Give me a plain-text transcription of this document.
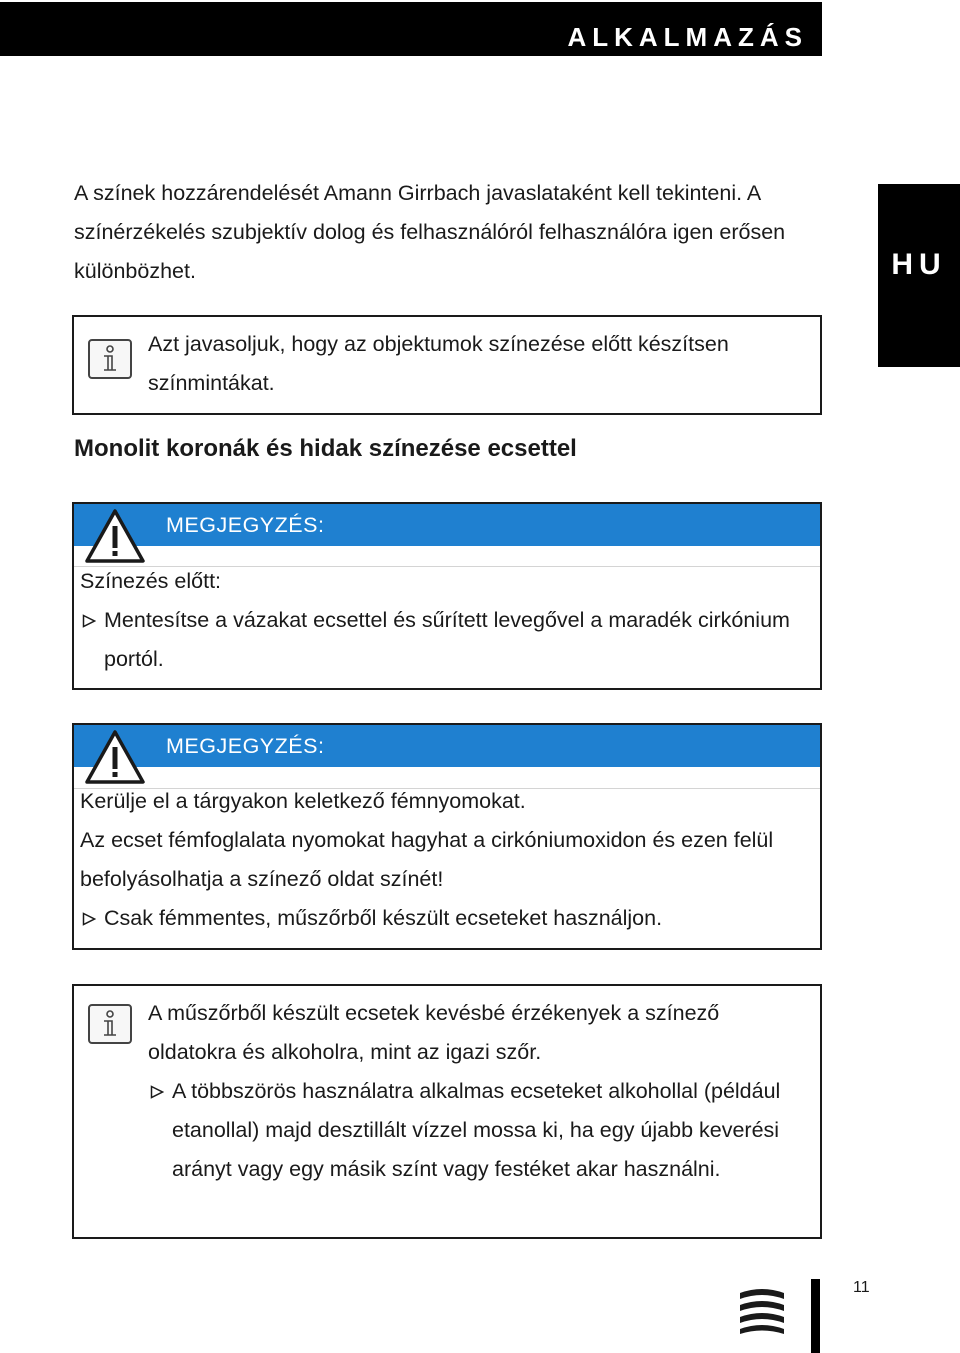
ALKALMAZÁS
HU

A színek hozzárendelését Amann Girrbach javaslataként kell tekinteni. A színérzékelés szubjektív dolog és felhasználóról felhasználóra igen erősen különbözhet.

Azt javasoljuk, hogy az objektumok színezése előtt készítsen színmintákat.

Monolit koronák és hidak színezése ecsettel
MEGJEGYZÉS:
Színezés előtt:
Mentesítse a vázakat ecsettel és sűrített levegővel a maradék cirkónium portól.
MEGJEGYZÉS:
Kerülje el a tárgyakon keletkező fémnyomokat.
Az ecset fémfoglalata nyomokat hagyhat a cirkóniumoxidon és ezen felül befolyásolhatja a színező oldat színét!
Csak fémmentes, műszőrből készült ecseteket használjon.
A műszőrből készült ecsetek kevésbé érzékenyek a színező oldatokra és alkoholra, mint az igazi szőr.
A többszörös használatra alkalmas ecseteket alkohollal (például etanollal) majd desztillált vízzel mossa ki, ha egy újabb keverési arányt vagy egy másik színt vagy festéket akar használni.
11
